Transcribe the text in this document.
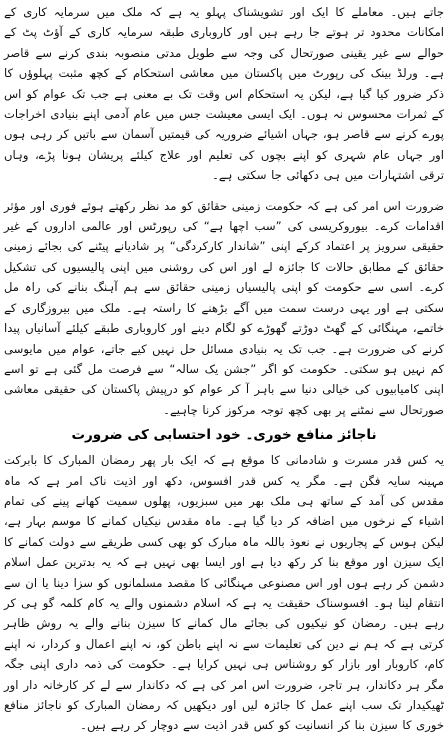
جاتے ہیں۔ معاملے کا ایک اور تشویشناک پہلو یہ ہے کہ ملک میں سرمایہ کاری کے امکانات محدود تر ہوتے جا رہے ہیں اور کاروباری طبقہ سرمایہ کاری کے آؤٹ پٹ کے حوالے سے غیر یقینی صورتحال کی وجہ سے طویل مدتی منصوبہ بندی کرنے سے قاصر ہے۔ ورلڈ بینک کی رپورٹ میں پاکستان میں معاشی استحکام کے کچھ مثبت پہلوؤں کا ذکر ضرور کیا گیا ہے، لیکن یہ استحکام اس وقت تک بے معنی ہے جب تک عوام کو اس کے ثمرات محسوس نہ ہوں۔ ایک ایسی معیشت جس میں عام آدمی اپنے بنیادی اخراجات پورے کرنے سے قاصر ہو، جہاں اشیائے ضروریہ کی قیمتیں آسمان سے باتیں کر رہی ہوں اور جہاں عام شہری کو اپنے بچوں کی تعلیم اور علاج کیلئے پریشان ہونا پڑے، وہاں ترقی اشتہارات میں ہی دکھائی جا سکتی ہے۔

ضرورت اس امر کی ہے کہ حکومت زمینی حقائق کو مد نظر رکھتے ہوئے فوری اور مؤثر اقدامات کرے۔ بیوروکریسی کی ”سب اچھا ہے“ کی رپورٹس اور عالمی اداروں کے غیر حقیقی سرویز پر اعتماد کرکے اپنی ”شاندار کارکردگی“ پر شادیانے پیٹنے کی بجائے زمینی حقائق کے مطابق حالات کا جائزہ لے اور اس کی روشنی میں اپنی پالیسیوں کی تشکیل کرے۔ اسی سے حکومت کو اپنی پالیسیاں زمینی حقائق سے ہم آہنگ بنانے کی راہ مل سکتی ہے اور یہی درست سمت میں آگے بڑھنے کا راستہ ہے۔ ملک میں بیروزگاری کے خاتمے، مہنگائی کے گھٹ دوڑتے گھوڑے کو لگام دینے اور کاروباری طبقے کیلئے آسانیاں پیدا کرنے کی ضرورت ہے۔ جب تک یہ بنیادی مسائل حل نہیں کیے جاتے، عوام میں مایوسی کم نہیں ہو سکتی۔ حکومت کو اگر ”جشن یک سالہ“ سے فرصت مل گئی ہے تو اسے اپنی کامیابیوں کی خیالی دنیا سے باہر آ کر عوام کو درپیش پاکستان کی حقیقی معاشی صورتحال سے نمٹنے پر بھی کچھ توجہ مرکوز کرنا چاہیے۔

ناجائز منافع خوری۔ خود احتسابی کی ضرورت

یہ کس قدر مسرت و شادمانی کا موقع ہے کہ ایک بار پھر رمضان المبارک کا بابرکت مہینہ سایہ فگن ہے۔ مگر یہ کس قدر افسوس، دکھ اور اذیت ناک امر ہے کہ ماہ مقدس کی آمد کے ساتھ ہی ملک بھر میں سبزیوں، پھلوں سمیت کھانے پینے کی تمام اشیاء کے نرخوں میں اضافہ کر دیا گیا ہے۔ ماہ مقدس نیکیاں کمانے کا موسم بہار ہے، لیکن ہوس کے پجاریوں نے نعوذ باللہ ماہ مبارک کو بھی کسی طریقے سے دولت کمانے کا ایک سیزن اور موقع بنا کر رکھ دیا ہے اور ایسا بھی نہیں ہے کہ یہ بدترین عمل اسلام دشمن کر رہے ہوں اور اس مصنوعی مہنگائی کا مقصد مسلمانوں کو سزا دینا یا ان سے انتقام لینا ہو۔ افسوسناک حقیقت یہ ہے کہ اسلام دشمنوں والے یہ کام کلمہ گو ہی کر رہے ہیں۔ رمضان کو نیکیوں کی بجائے مال کمانے کا سیزن بنانے والے یہ روش ظاہر کرتی ہے کہ ہم نے دین کی تعلیمات سے نہ اپنے باطن کو، نہ اپنے اعمال و کردار، نہ اپنے کام، کاروبار اور بازار کو روشناس ہی نہیں کرایا ہے۔ حکومت کی ذمہ داری اپنی جگہ مگر ہر دکاندار، ہر تاجر، ضرورت اس امر کی ہے کہ دکاندار سے لے کر کارخانہ دار اور ٹھیکیدار تک سب اپنے عمل کا جائزہ لیں اور دیکھیں کہ رمضان المبارک کو ناجائز منافع خوری کا سیزن بنا کر انسانیت کو کس قدر اذیت سے دوچار کر رہے ہیں۔
